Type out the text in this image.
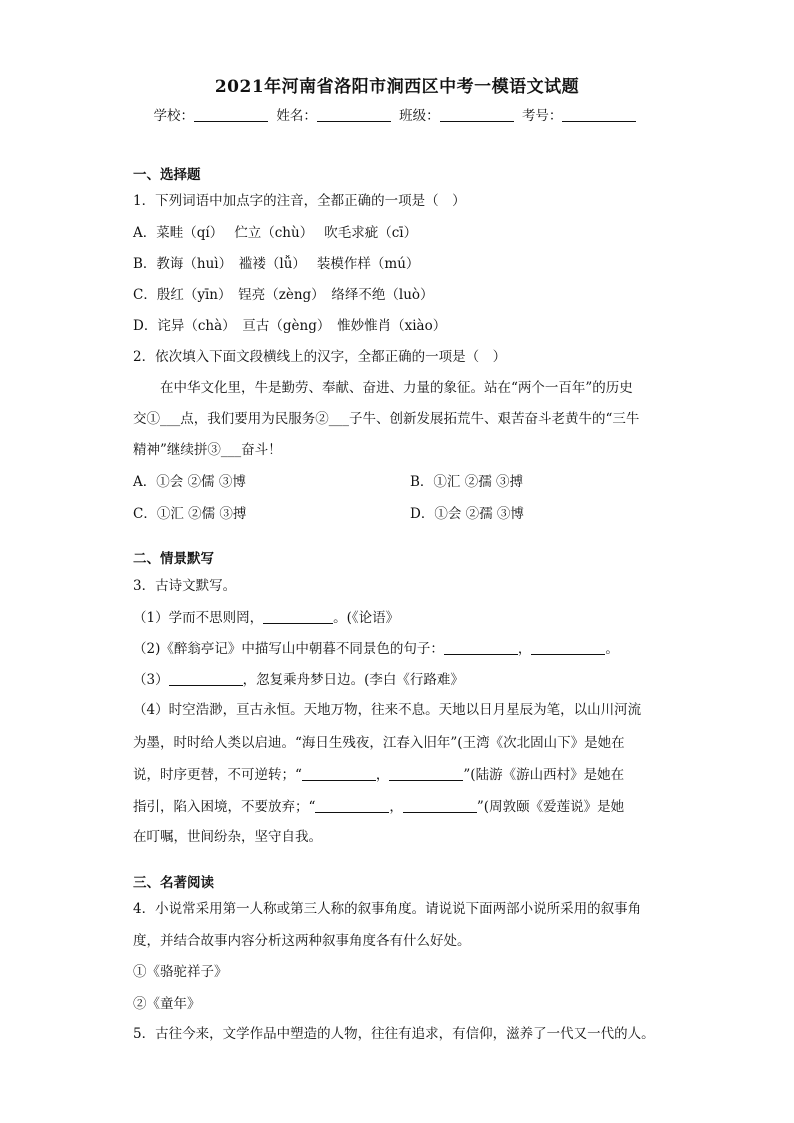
2021年河南省洛阳市涧西区中考一模语文试题
学校：	姓名：	班级：	考号：
一、选择题
1．下列词语中加点字的注音，全都正确的一项是（　）
A．菜畦（qí）　 伫立（chù）　 吹毛求疵（cī）
B．教诲（huì）　褴褛（lǚ）　 装模作样（mú）
C．殷红（yīn）　锃亮（zèng）　络绎不绝（luò）
D．诧异（chà）　亘古（gèng）　惟妙惟肖（xiào）
2．依次填入下面文段横线上的汉字，全都正确的一项是（　）
在中华文化里，牛是勤劳、奉献、奋进、力量的象征。站在“两个一百年”的历史
交①___点，我们要用为民服务②___子牛、创新发展拓荒牛、艰苦奋斗老黄牛的“三牛
精神”继续拼③___奋斗！
A．①会 ②儒 ③博	B．①汇 ②孺 ③搏
C．①汇 ②儒 ③搏	D．①会 ②孺 ③博
二、情景默写
3．古诗文默写。
（1）学而不思则罔，	。(《论语》
（2)《醉翁亭记》中描写山中朝暮不同景色的句子：	，	。
（3）	，忽复乘舟梦日边。(李白《行路难》
（4）时空浩渺，亘古永恒。天地万物，往来不息。天地以日月星辰为笔，以山川河流
为墨，时时给人类以启迪。“海日生残夜，江春入旧年”(王湾《次北固山下》是她在
说，时序更替，不可逆转；“	，	”(陆游《游山西村》是她在
指引，陷入困境，不要放弃；“	，	”(周敦颐《爱莲说》是她
在叮嘱，世间纷杂，坚守自我。
三、名著阅读
4．小说常采用第一人称或第三人称的叙事角度。请说说下面两部小说所采用的叙事角
度，并结合故事内容分析这两种叙事角度各有什么好处。
①《骆驼祥子》
②《童年》
5．古往今来，文学作品中塑造的人物，往往有追求，有信仰，滋养了一代又一代的人。
